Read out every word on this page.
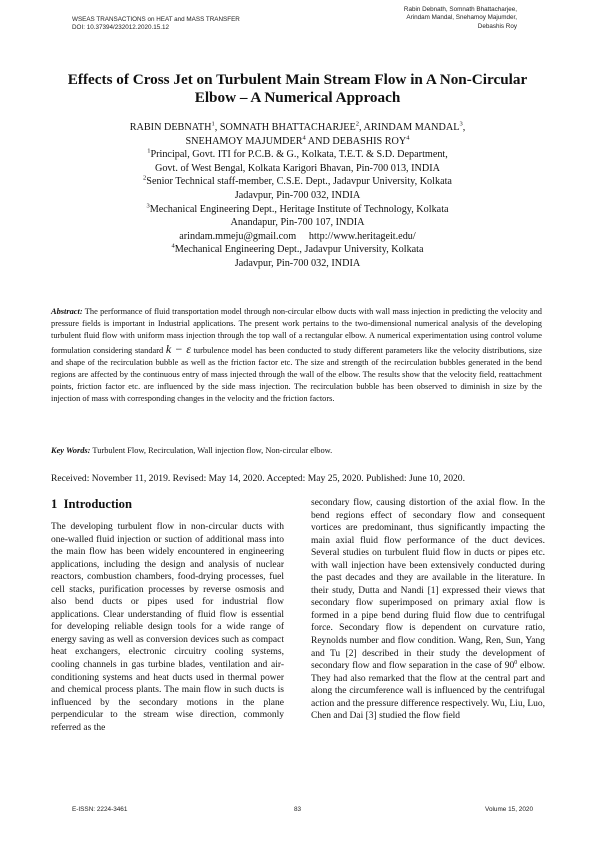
WSEAS TRANSACTIONS on HEAT and MASS TRANSFER
DOI: 10.37394/232012.2020.15.12
Rabin Debnath, Somnath Bhattacharjee,
Arindam Mandal, Snehamoy Majumder,
Debashis Roy
Effects of Cross Jet on Turbulent Main Stream Flow in A Non-Circular
Elbow – A Numerical Approach
RABIN DEBNATH$^1$, SOMNATH BHATTACHARJEE$^2$, ARINDAM MANDAL$^3$,
SNEHAMOY MAJUMDER$^4$ AND DEBASHIS ROY$^4$
$^1$Principal, Govt. ITI for P.C.B. & G., Kolkata, T.E.T. & S.D. Department,
Govt. of West Bengal, Kolkata Karigori Bhavan, Pin-700 013, INDIA
$^2$Senior Technical staff-member, C.S.E. Dept., Jadavpur University, Kolkata
Jadavpur, Pin-700 032, INDIA
$^3$Mechanical Engineering Dept., Heritage Institute of Technology, Kolkata
Anandapur, Pin-700 107, INDIA
arindam.mmeju@gmail.com http://www.heritageit.edu/
$^4$Mechanical Engineering Dept., Jadavpur University, Kolkata
Jadavpur, Pin-700 032, INDIA

Abstract: The performance of fluid transportation model through non-circular elbow ducts with wall mass injection in predicting the velocity and pressure fields is important in Industrial applications. The present work pertains to the two-dimensional numerical analysis of the developing turbulent fluid flow with uniform mass injection through the top wall of a rectangular elbow. A numerical experimentation using control volume formulation considering standard k − ε turbulence model has been conducted to study different parameters like the velocity distributions, size and shape of the recirculation bubble as well as the friction factor etc. The size and strength of the recirculation bubbles generated in the bend regions are affected by the continuous entry of mass injected through the wall of the elbow. The results show that the velocity field, reattachment points, friction factor etc. are influenced by the side mass injection. The recirculation bubble has been observed to diminish in size by the injection of mass with corresponding changes in the velocity and the friction factors.

Key Words: Turbulent Flow, Recirculation, Wall injection flow, Non-circular elbow.

Received: November 11, 2019. Revised: May 14, 2020. Accepted: May 25, 2020. Published: June 10, 2020.

1 Introduction

The developing turbulent flow in non-circular ducts with one-walled fluid injection or suction of additional mass into the main flow has been widely encountered in engineering applications, including the design and analysis of nuclear reactors, combustion chambers, food-drying processes, fuel cell stacks, purification processes by reverse osmosis and also bend ducts or pipes used for industrial flow applications. Clear understanding of fluid flow is essential for developing reliable design tools for a wide range of energy saving as well as conversion devices such as compact heat exchangers, electronic circuitry cooling systems, cooling channels in gas turbine blades, ventilation and air-conditioning systems and heat ducts used in thermal power and chemical process plants. The main flow in such ducts is influenced by the secondary motions in the plane perpendicular to the stream wise direction, commonly referred as the

secondary flow, causing distortion of the axial flow. In the bend regions effect of secondary flow and consequent vortices are predominant, thus significantly impacting the main axial fluid flow performance of the duct devices. Several studies on turbulent fluid flow in ducts or pipes etc. with wall injection have been extensively conducted during the past decades and they are available in the literature. In their study, Dutta and Nandi [1] expressed their views that secondary flow superimposed on primary axial flow is formed in a pipe bend during fluid flow due to centrifugal force. Secondary flow is dependent on curvature ratio, Reynolds number and flow condition. Wang, Ren, Sun, Yang and Tu [2] described in their study the development of secondary flow and flow separation in the case of $90^0$ elbow. They had also remarked that the flow at the central part and along the circumference wall is influenced by the centrifugal action and the pressure difference respectively. Wu, Liu, Luo, Chen and Dai [3] studied the flow field

E-ISSN: 2224-3461	83	Volume 15, 2020
